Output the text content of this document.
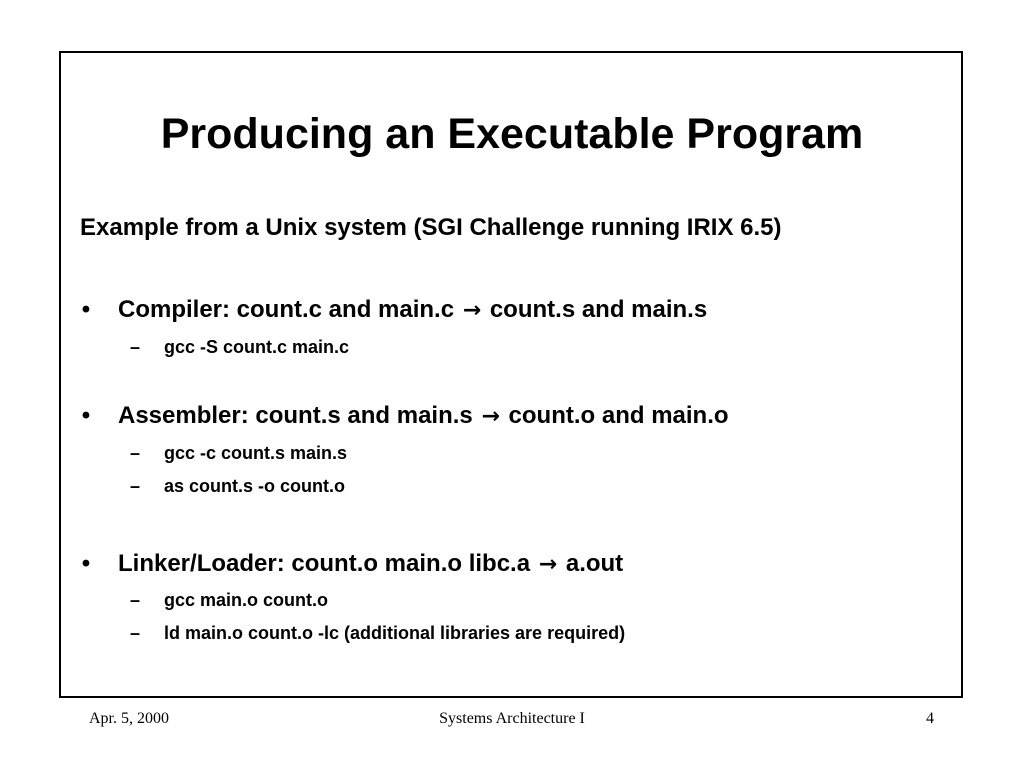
Producing an Executable Program

Example from a Unix system (SGI Challenge running IRIX 6.5)

• Compiler: count.c and main.c → count.s and main.s
– gcc -S count.c main.c
• Assembler: count.s and main.s → count.o and main.o
– gcc -c count.s main.s
– as count.s -o count.o
• Linker/Loader: count.o main.o libc.a → a.out
– gcc main.o count.o
– ld main.o count.o -lc (additional libraries are required)
Apr. 5, 2000	Systems Architecture I	4
